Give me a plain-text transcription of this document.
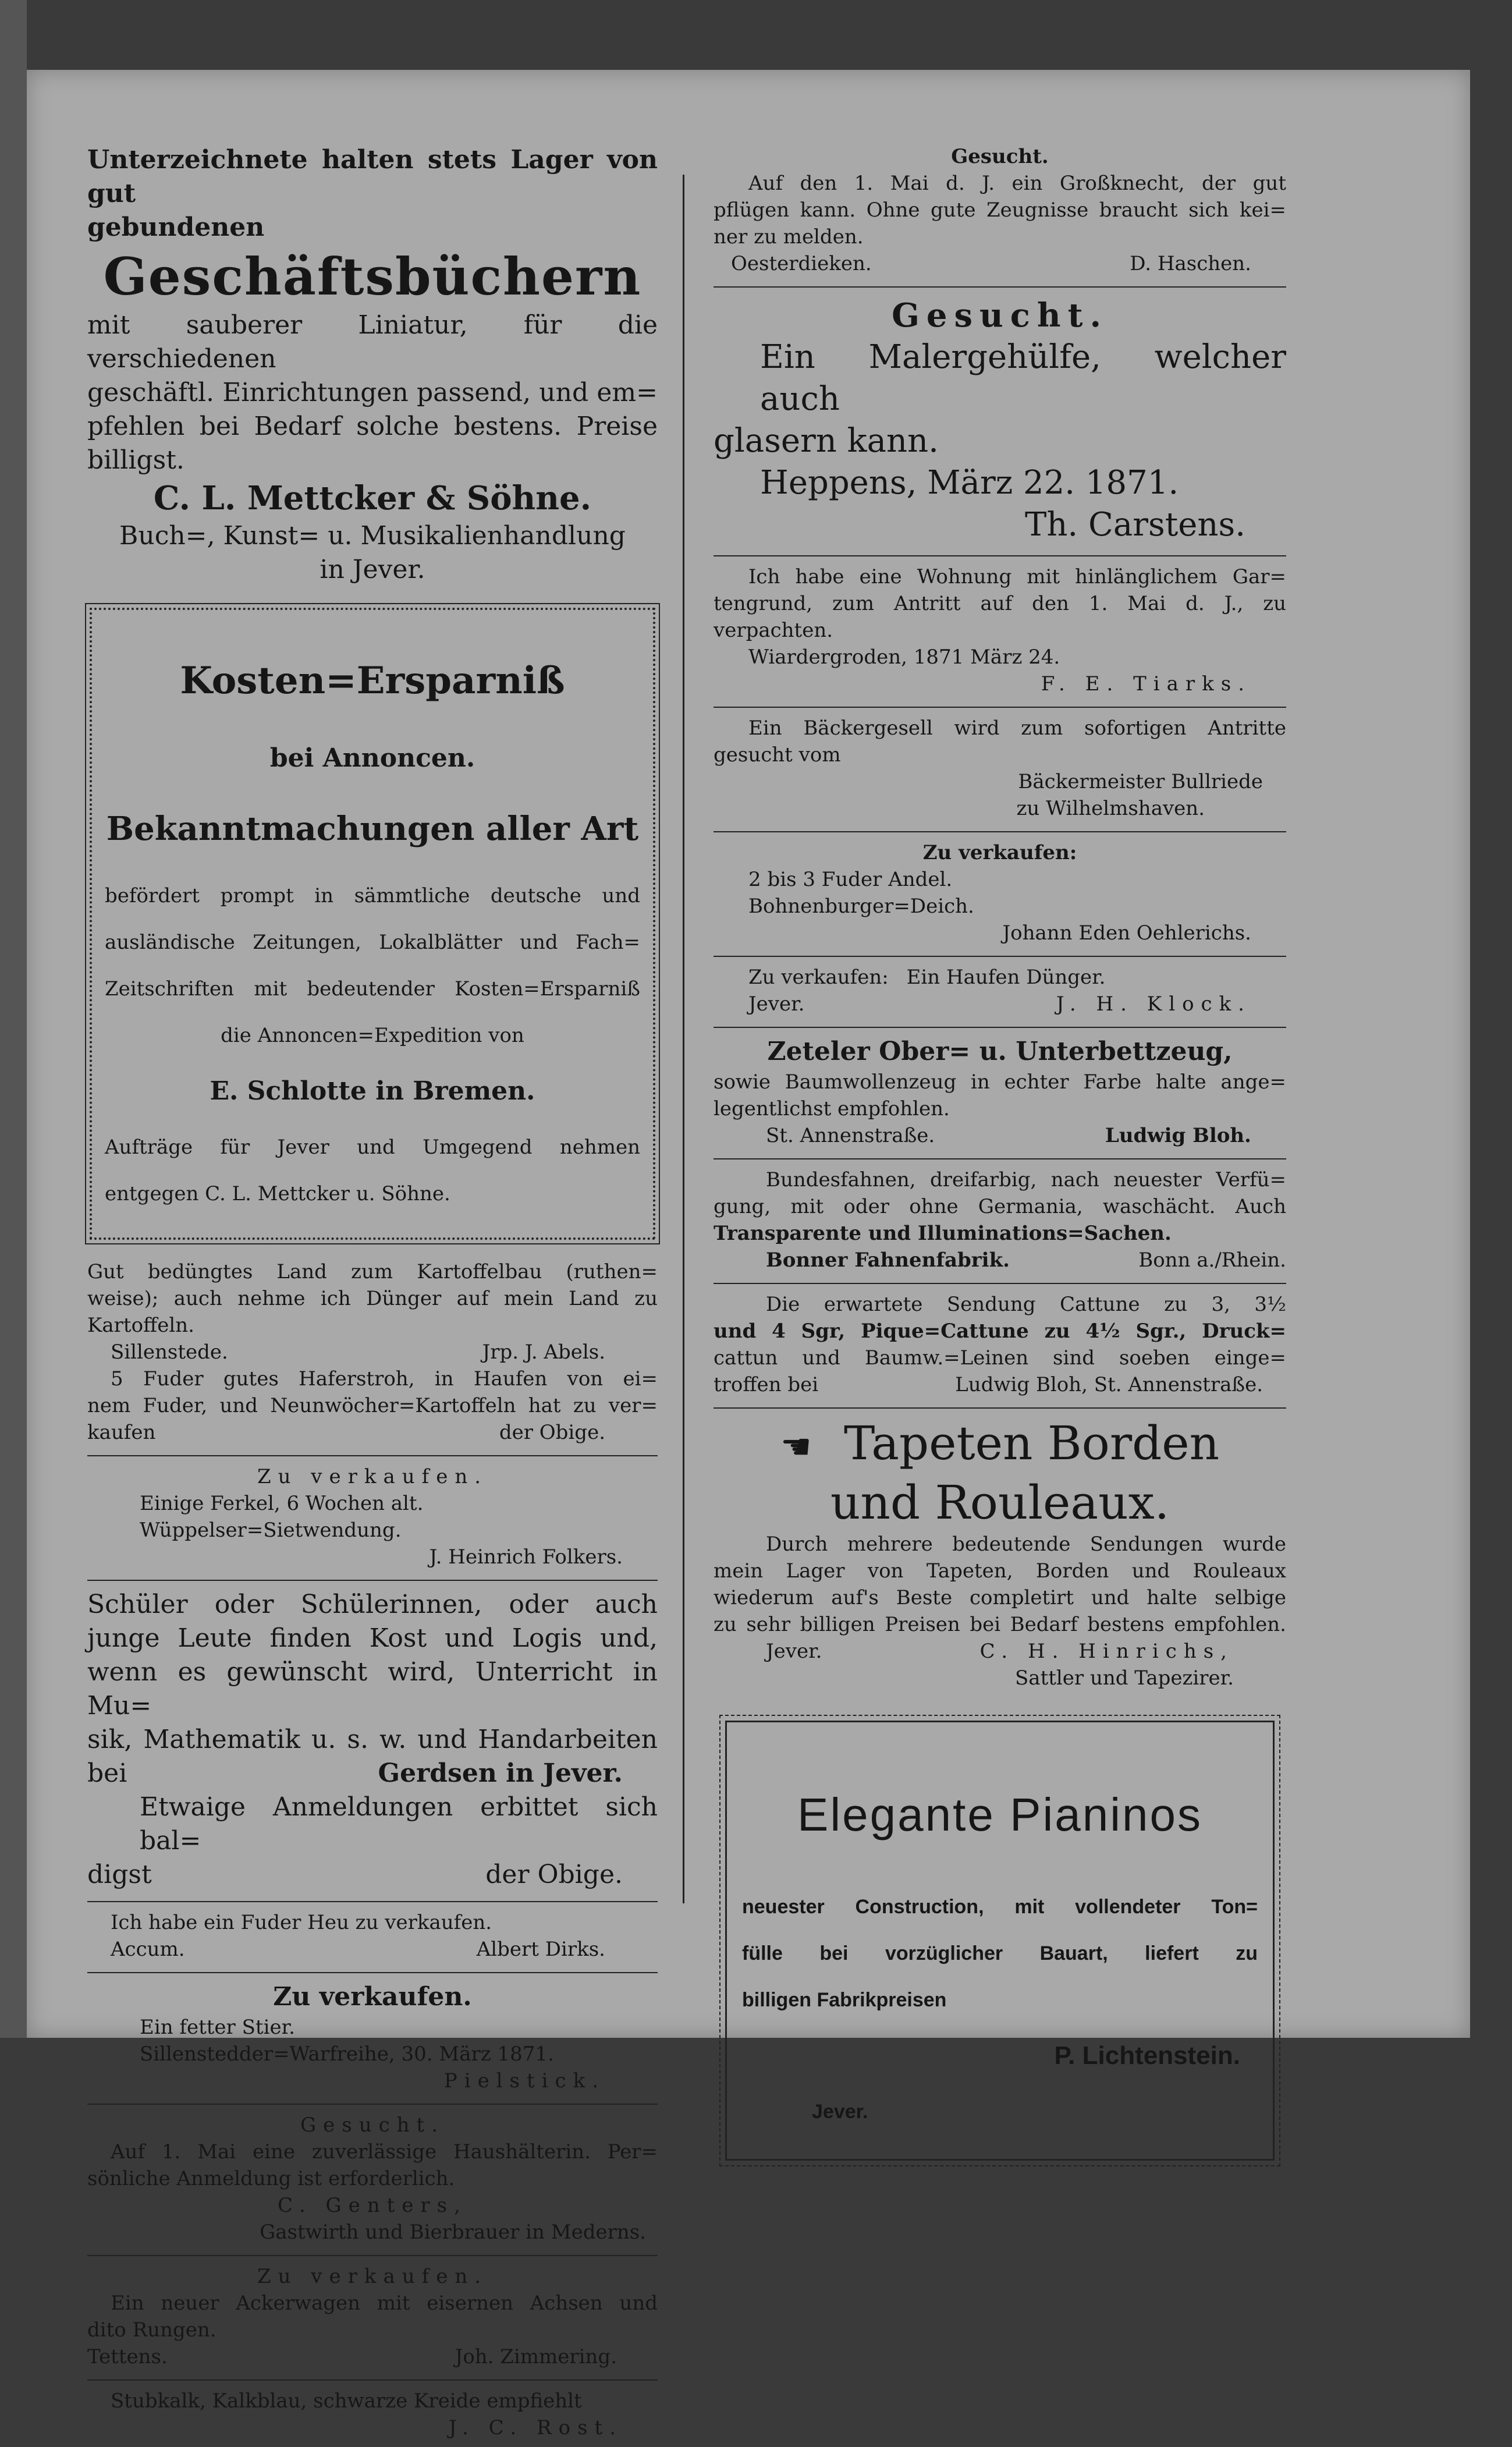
Unterzeichnete halten stets Lager von gut

gebundenen

Geschäftsbüchern

mit sauberer Liniatur, für die verschiedenen

geschäftl. Einrichtungen passend, und em=

pfehlen bei Bedarf solche bestens. Preise

billigst.

C. L. Mettcker & Söhne.

Buch=, Kunst= u. Musikalienhandlung

in Jever.

Kosten=Ersparniß

bei Annoncen.

Bekanntmachungen aller Art

befördert prompt in sämmtliche deutsche und

ausländische Zeitungen, Lokalblätter und Fach=

Zeitschriften mit bedeutender Kosten=Ersparniß

die Annoncen=Expedition von

E. Schlotte in Bremen.

Aufträge für Jever und Umgegend nehmen

entgegen C. L. Mettcker u. Söhne.

Gut bedüngtes Land zum Kartoffelbau (ruthen=

weise); auch nehme ich Dünger auf mein Land zu

Kartoffeln.

Sillenstede.	Jrp. J. Abels.

5 Fuder gutes Haferstroh, in Haufen von ei=

nem Fuder, und Neunwöcher=Kartoffeln hat zu ver=

kaufen	der Obige.

Zu verkaufen.

Einige Ferkel, 6 Wochen alt.

Wüppelser=Sietwendung.

J. Heinrich Folkers.

Schüler oder Schülerinnen, oder auch

junge Leute finden Kost und Logis und,

wenn es gewünscht wird, Unterricht in Mu=

sik, Mathematik u. s. w. und Handarbeiten

bei	Gerdsen in Jever.

Etwaige Anmeldungen erbittet sich bal=

digst	der Obige.

Ich habe ein Fuder Heu zu verkaufen.

Accum.	Albert Dirks.

Zu verkaufen.

Ein fetter Stier.

Sillenstedder=Warfreihe, 30. März 1871.

Pielstick.

Gesucht.

Auf 1. Mai eine zuverlässige Haushälterin. Per=

sönliche Anmeldung ist erforderlich.

C. Genters,

Gastwirth und Bierbrauer in Mederns.

Zu verkaufen.

Ein neuer Ackerwagen mit eisernen Achsen und

dito Rungen.

Tettens.	Joh. Zimmering.

Stubkalk, Kalkblau, schwarze Kreide empfiehlt

J. C. Rost.

Gesucht.

Auf den 1. Mai d. J. ein Großknecht, der gut

pflügen kann. Ohne gute Zeugnisse braucht sich kei=

ner zu melden.

Oesterdieken.	D. Haschen.

Gesucht.

Ein Malergehülfe, welcher auch

glasern kann.

Heppens, März 22. 1871.

Th. Carstens.

Ich habe eine Wohnung mit hinlänglichem Gar=

tengrund, zum Antritt auf den 1. Mai d. J., zu

verpachten.

Wiardergroden, 1871 März 24.

F. E. Tiarks.

Ein Bäckergesell wird zum sofortigen Antritte

gesucht vom

Bäckermeister Bullriede

zu Wilhelmshaven.

Zu verkaufen:

2 bis 3 Fuder Andel.

Bohnenburger=Deich.

Johann Eden Oehlerichs.

Zu verkaufen: Ein Haufen Dünger.
Jever.	J. H. Klock.

Zeteler Ober= u. Unterbettzeug,

sowie Baumwollenzeug in echter Farbe halte ange=

legentlichst empfohlen.

St. Annenstraße.	Ludwig Bloh.

Bundesfahnen, dreifarbig, nach neuester Verfü=

gung, mit oder ohne Germania, waschächt. Auch

Transparente und Illuminations=Sachen.

Bonner Fahnenfabrik.	Bonn a./Rhein.

Die erwartete Sendung Cattune zu 3, 3½

und 4 Sgr, Pique=Cattune zu 4½ Sgr., Druck=

cattun und Baumw.=Leinen sind soeben einge=

troffen bei	Ludwig Bloh, St. Annenstraße.
☚ Tapeten Borden

und Rouleaux.

Durch mehrere bedeutende Sendungen wurde

mein Lager von Tapeten, Borden und Rouleaux

wiederum auf's Beste completirt und halte selbige

zu sehr billigen Preisen bei Bedarf bestens empfohlen.

Jever.	C. H. Hinrichs,

Sattler und Tapezirer.

Elegante Pianinos

neuester Construction, mit vollendeter Ton=

fülle bei vorzüglicher Bauart, liefert zu

billigen Fabrikpreisen

P. Lichtenstein.

Jever.
